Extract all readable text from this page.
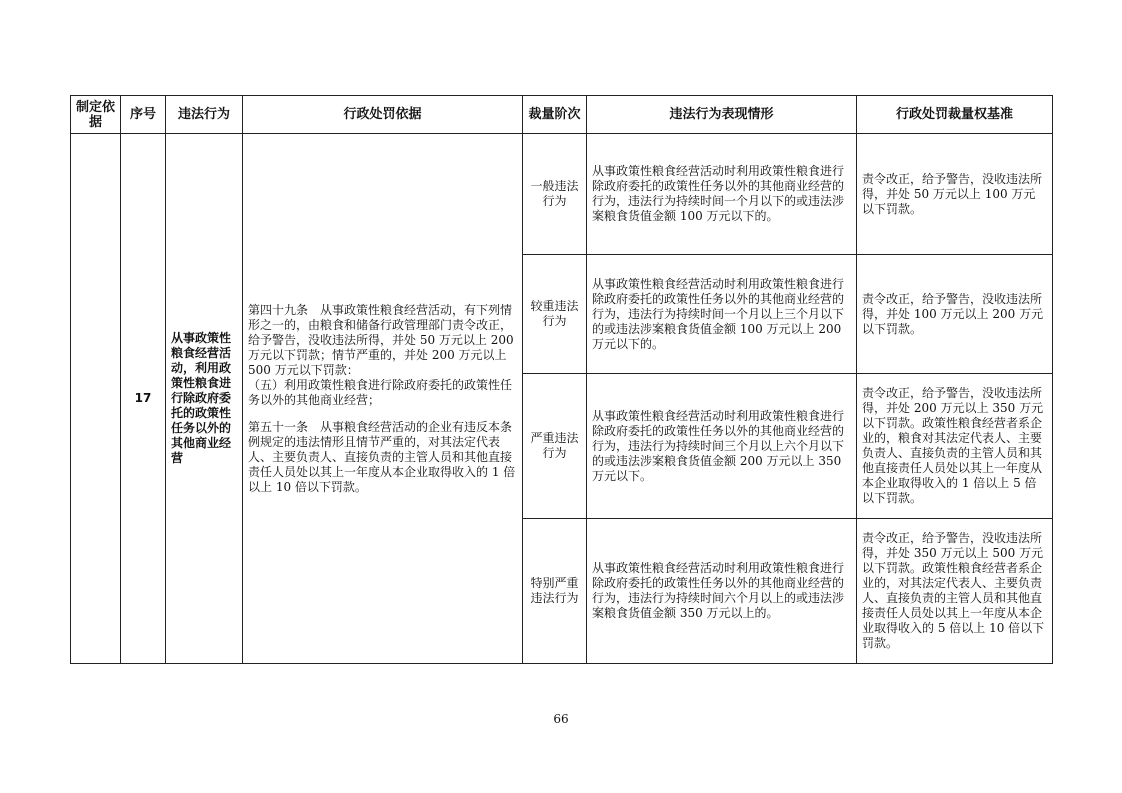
制定依据	序号	违法行为	行政处罚依据	裁量阶次	违法行为表现情形	行政处罚裁量权基准
	17	从事政策性粮食经营活动，利用政策性粮食进行除政府委托的政策性任务以外的其他商业经营	第四十九条　从事政策性粮食经营活动，有下列情形之一的，由粮食和储备行政管理部门责令改正，给予警告，没收违法所得，并处 50 万元以上 200 万元以下罚款；情节严重的，并处 200 万元以上 500 万元以下罚款：
（五）利用政策性粮食进行除政府委托的政策性任务以外的其他商业经营；
第五十一条　从事粮食经营活动的企业有违反本条例规定的违法情形且情节严重的，对其法定代表人、主要负责人、直接负责的主管人员和其他直接责任人员处以其上一年度从本企业取得收入的 1 倍以上 10 倍以下罚款。	一般违法行为	从事政策性粮食经营活动时利用政策性粮食进行除政府委托的政策性任务以外的其他商业经营的行为，违法行为持续时间一个月以下的或违法涉案粮食货值金额 100 万元以下的。	责令改正，给予警告，没收违法所得，并处 50 万元以上 100 万元以下罚款。
				较重违法行为	从事政策性粮食经营活动时利用政策性粮食进行除政府委托的政策性任务以外的其他商业经营的行为，违法行为持续时间一个月以上三个月以下的或违法涉案粮食货值金额 100 万元以上 200 万元以下的。	责令改正，给予警告，没收违法所得，并处 100 万元以上 200 万元以下罚款。
				严重违法行为	从事政策性粮食经营活动时利用政策性粮食进行除政府委托的政策性任务以外的其他商业经营的行为，违法行为持续时间三个月以上六个月以下的或违法涉案粮食货值金额 200 万元以上 350 万元以下。	责令改正，给予警告，没收违法所得，并处 200 万元以上 350 万元以下罚款。政策性粮食经营者系企业的，粮食对其法定代表人、主要负责人、直接负责的主管人员和其他直接责任人员处以其上一年度从本企业取得收入的 1 倍以上 5 倍以下罚款。
				特别严重违法行为	从事政策性粮食经营活动时利用政策性粮食进行除政府委托的政策性任务以外的其他商业经营的行为，违法行为持续时间六个月以上的或违法涉案粮食货值金额 350 万元以上的。	责令改正，给予警告，没收违法所得，并处 350 万元以上 500 万元以下罚款。政策性粮食经营者系企业的，对其法定代表人、主要负责人、直接负责的主管人员和其他直接责任人员处以其上一年度从本企业取得收入的 5 倍以上 10 倍以下罚款。
66
